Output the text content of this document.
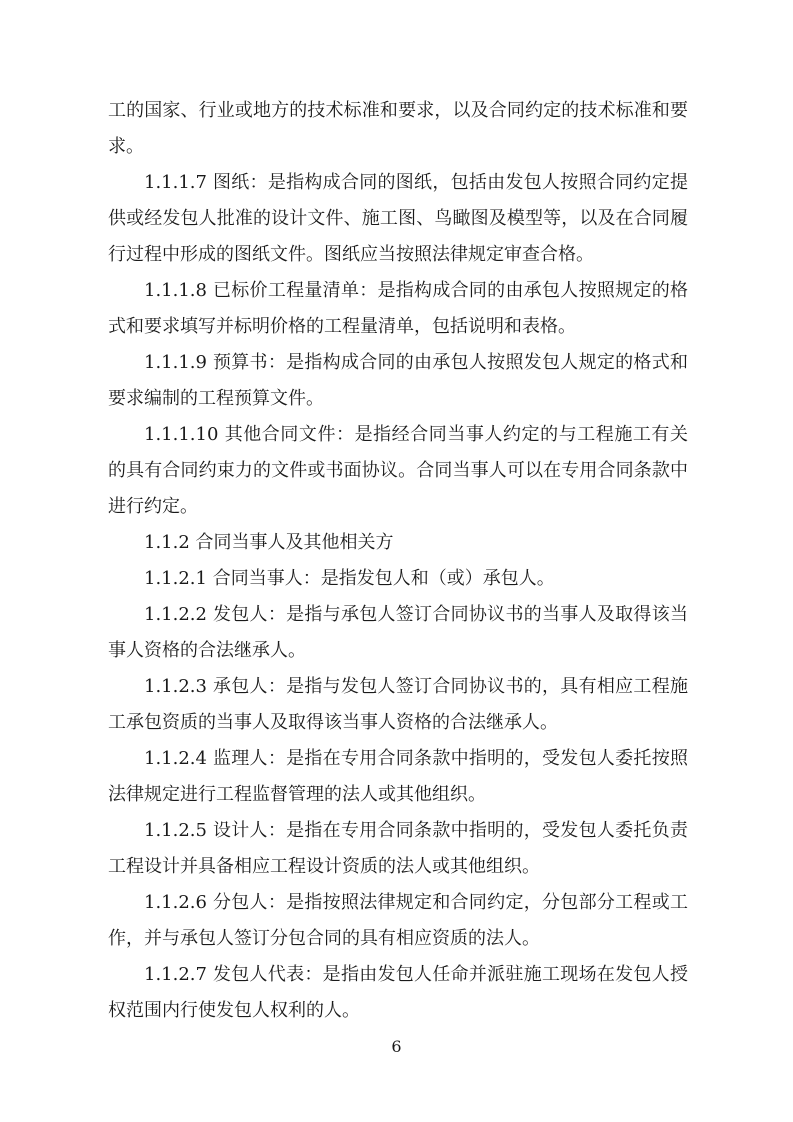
工的国家、行业或地方的技术标准和要求，以及合同约定的技术标准和要求。

1.1.1.7 图纸：是指构成合同的图纸，包括由发包人按照合同约定提供或经发包人批准的设计文件、施工图、鸟瞰图及模型等，以及在合同履行过程中形成的图纸文件。图纸应当按照法律规定审查合格。

1.1.1.8 已标价工程量清单：是指构成合同的由承包人按照规定的格式和要求填写并标明价格的工程量清单，包括说明和表格。

1.1.1.9 预算书：是指构成合同的由承包人按照发包人规定的格式和要求编制的工程预算文件。

1.1.1.10 其他合同文件：是指经合同当事人约定的与工程施工有关的具有合同约束力的文件或书面协议。合同当事人可以在专用合同条款中进行约定。

1.1.2 合同当事人及其他相关方

1.1.2.1 合同当事人：是指发包人和（或）承包人。

1.1.2.2 发包人：是指与承包人签订合同协议书的当事人及取得该当事人资格的合法继承人。

1.1.2.3 承包人：是指与发包人签订合同协议书的，具有相应工程施工承包资质的当事人及取得该当事人资格的合法继承人。

1.1.2.4 监理人：是指在专用合同条款中指明的，受发包人委托按照法律规定进行工程监督管理的法人或其他组织。

1.1.2.5 设计人：是指在专用合同条款中指明的，受发包人委托负责工程设计并具备相应工程设计资质的法人或其他组织。

1.1.2.6 分包人：是指按照法律规定和合同约定，分包部分工程或工作，并与承包人签订分包合同的具有相应资质的法人。

1.1.2.7 发包人代表：是指由发包人任命并派驻施工现场在发包人授权范围内行使发包人权利的人。

6
